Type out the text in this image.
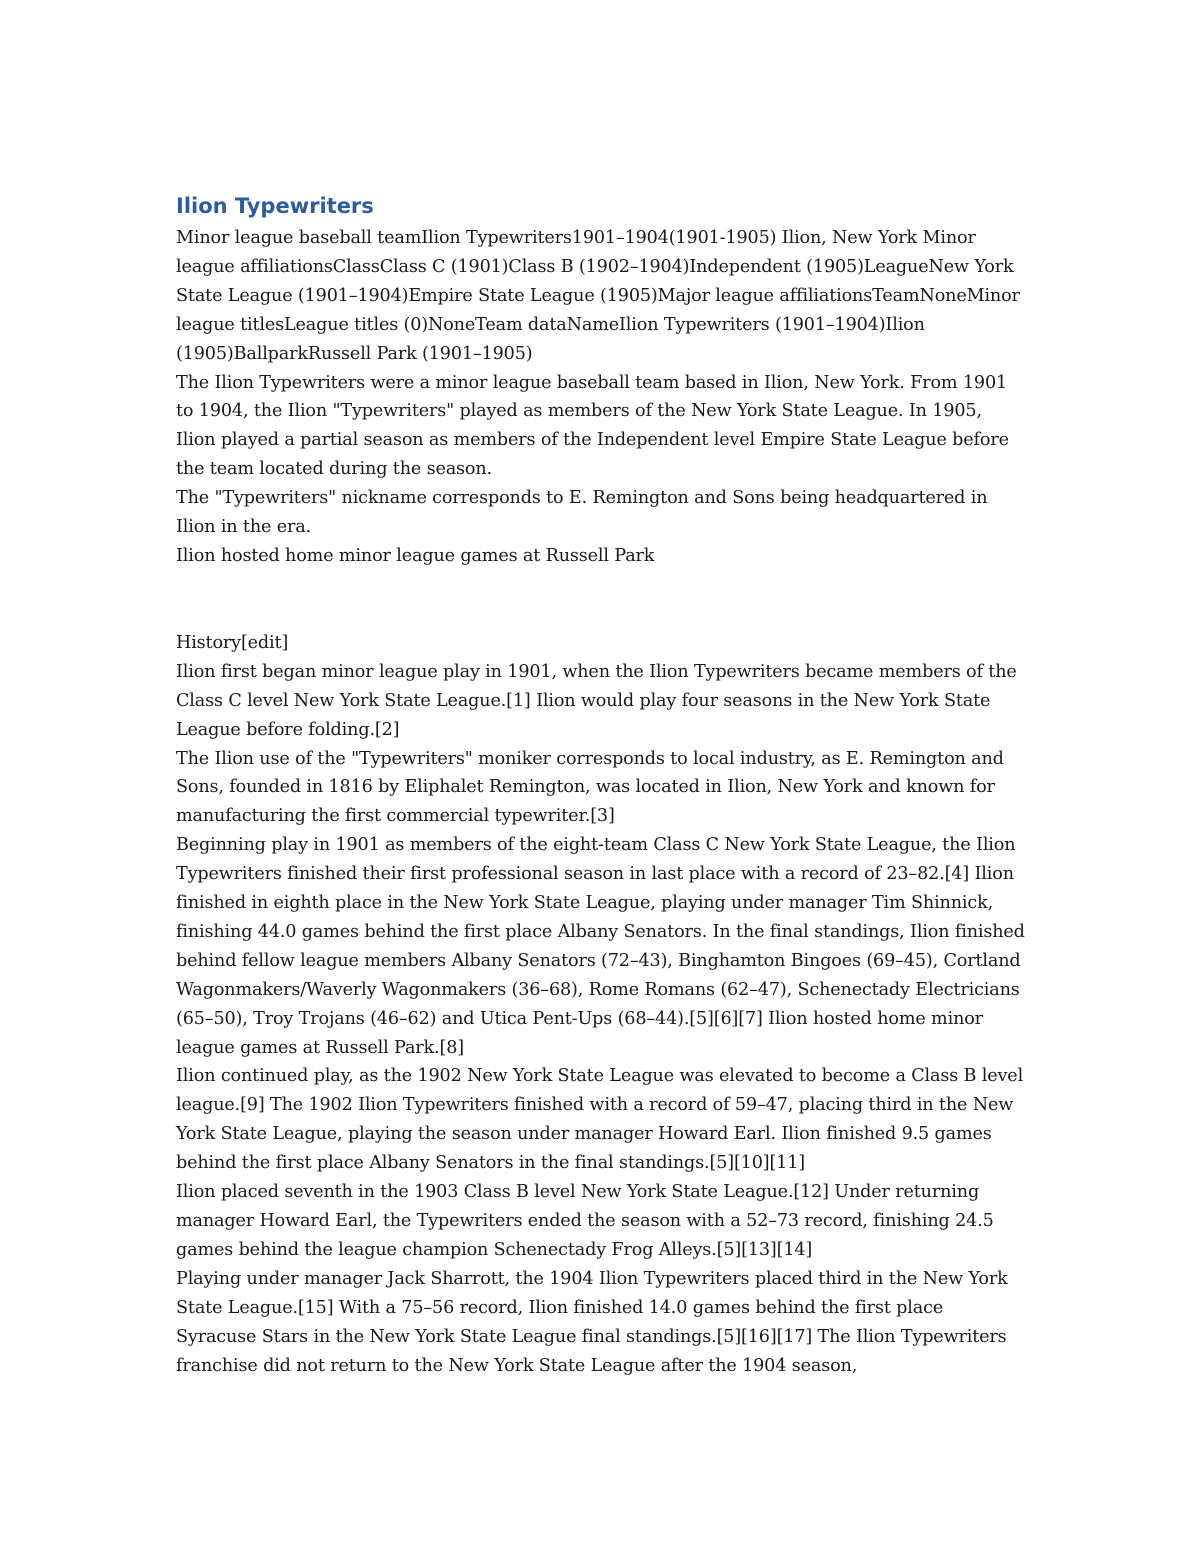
Ilion Typewriters

Minor league baseball teamIlion Typewriters1901–1904(1901-1905) Ilion, New York Minor league affiliationsClassClass C (1901)Class B (1902–1904)Independent (1905)LeagueNew York State League (1901–1904)Empire State League (1905)Major league affiliationsTeamNoneMinor league titlesLeague titles (0)NoneTeam dataNameIlion Typewriters (1901–1904)Ilion (1905)BallparkRussell Park (1901–1905)

The Ilion Typewriters were a minor league baseball team based in Ilion, New York. From 1901 to 1904, the Ilion "Typewriters" played as members of the New York State League. In 1905, Ilion played a partial season as members of the Independent level Empire State League before the team located during the season.

The "Typewriters" nickname corresponds to E. Remington and Sons being headquartered in Ilion in the era.

Ilion hosted home minor league games at Russell Park

History[edit]

Ilion first began minor league play in 1901, when the Ilion Typewriters became members of the Class C level New York State League.[1] Ilion would play four seasons in the New York State League before folding.[2]

The Ilion use of the "Typewriters" moniker corresponds to local industry, as E. Remington and Sons, founded in 1816 by Eliphalet Remington, was located in Ilion, New York and known for manufacturing the first commercial typewriter.[3]

Beginning play in 1901 as members of the eight-team Class C New York State League, the Ilion Typewriters finished their first professional season in last place with a record of 23–82.[4] Ilion finished in eighth place in the New York State League, playing under manager Tim Shinnick, finishing 44.0 games behind the first place Albany Senators. In the final standings, Ilion finished behind fellow league members Albany Senators (72–43), Binghamton Bingoes (69–45), Cortland Wagonmakers/Waverly Wagonmakers (36–68), Rome Romans (62–47), Schenectady Electricians (65–50), Troy Trojans (46–62) and Utica Pent-Ups (68–44).[5][6][7] Ilion hosted home minor league games at Russell Park.[8]

Ilion continued play, as the 1902 New York State League was elevated to become a Class B level league.[9] The 1902 Ilion Typewriters finished with a record of 59–47, placing third in the New York State League, playing the season under manager Howard Earl. Ilion finished 9.5 games behind the first place Albany Senators in the final standings.[5][10][11]

Ilion placed seventh in the 1903 Class B level New York State League.[12] Under returning manager Howard Earl, the Typewriters ended the season with a 52–73 record, finishing 24.5 games behind the league champion Schenectady Frog Alleys.[5][13][14]

Playing under manager Jack Sharrott, the 1904 Ilion Typewriters placed third in the New York State League.[15] With a 75–56 record, Ilion finished 14.0 games behind the first place Syracuse Stars in the New York State League final standings.[5][16][17] The Ilion Typewriters franchise did not return to the New York State League after the 1904 season,
